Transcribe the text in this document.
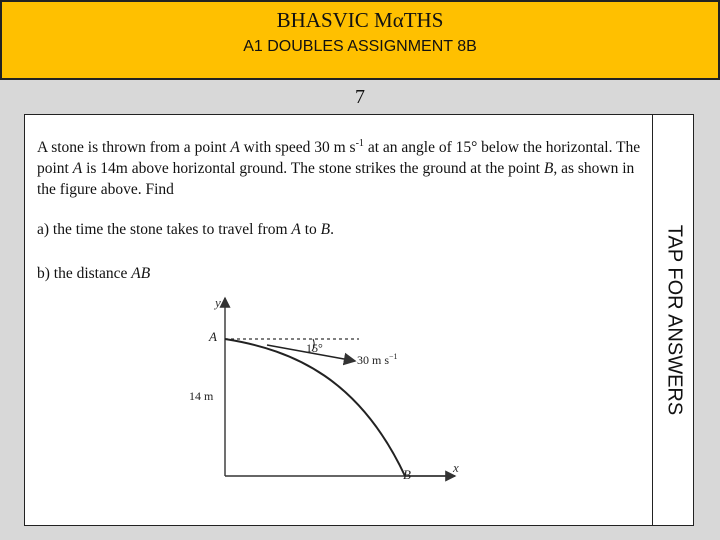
BHASVIC MαTHS
A1 DOUBLES ASSIGNMENT 8B
7
A stone is thrown from a point A with speed 30 m $s^{-1}$ at an angle of 15° below the horizontal. The point A is 14m above horizontal ground. The stone strikes the ground at the point B, as shown in the figure above. Find
a) the time the stone takes to travel from A to B.
b) the distance AB	TAP FOR ANSWERS
y
x
15°
30 m $s^{-1}$
A
B
14 m
